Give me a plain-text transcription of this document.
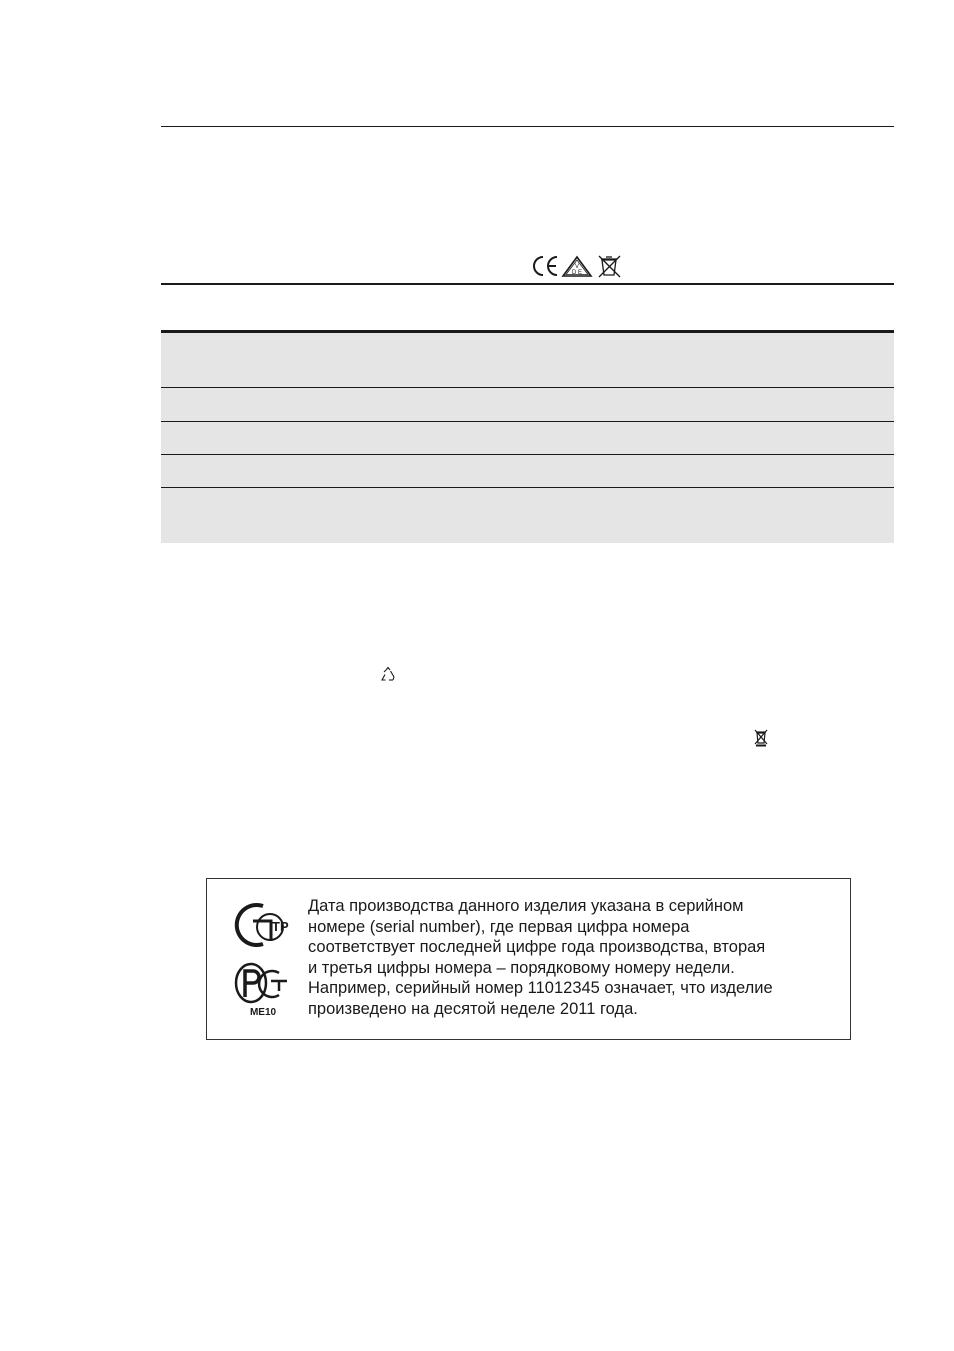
V
D E
ТР
ME10

Дата производства данного изделия указана в серийном
номере (serial number), где первая цифра номера
соответствует последней цифре года производства, вторая
и третья цифры номера – порядковому номеру недели.
Например, серийный номер 11012345 означает, что изделие
произведено на десятой неделе 2011 года.
